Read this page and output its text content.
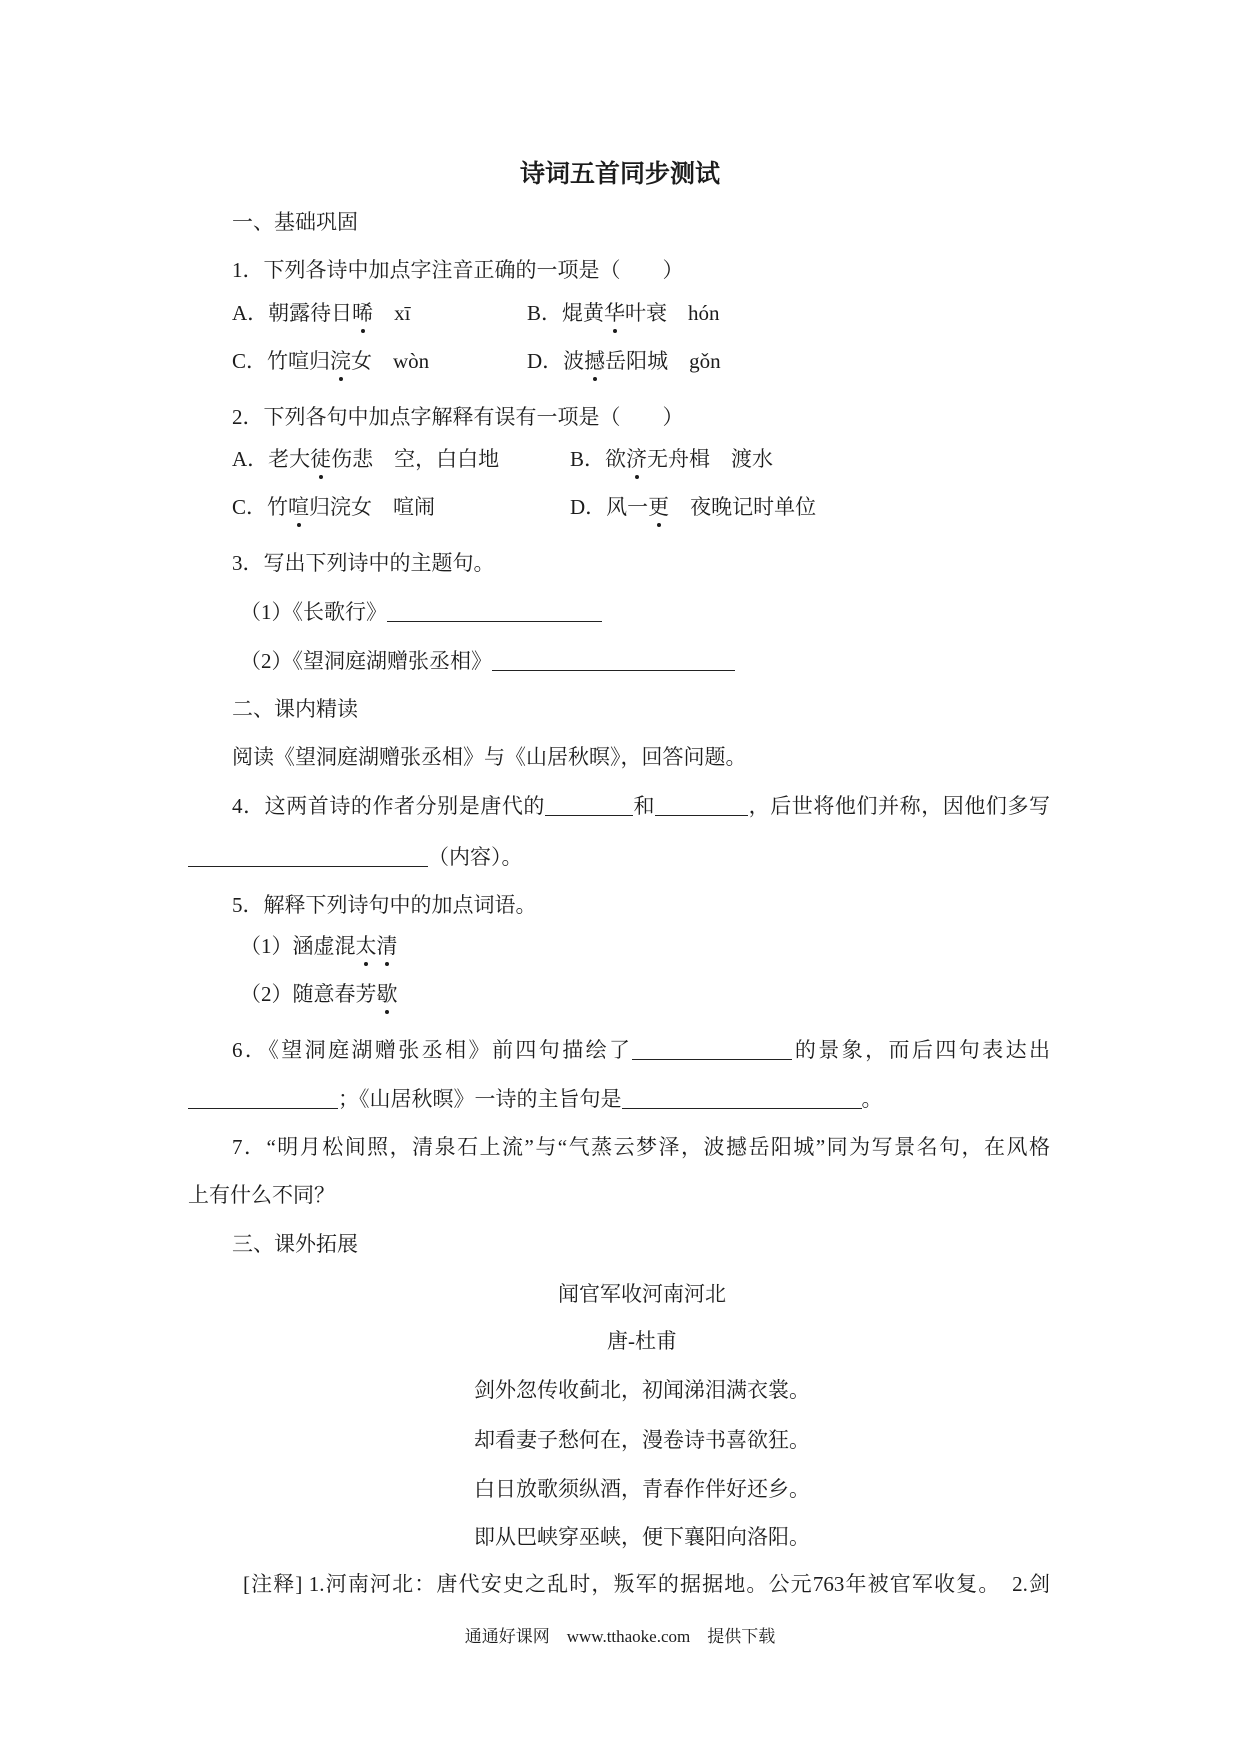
诗词五首同步测试
一、基础巩固
1．下列各诗中加点字注音正确的一项是（　　）
A．朝露待日晞 xī	B．焜黄华叶衰 hón
C．竹喧归浣女 wòn	D．波撼岳阳城 gǒn
2．下列各句中加点字解释有误有一项是（　　）
A．老大徒伤悲 空，白白地	B．欲济无舟楫 渡水
C．竹喧归浣女 喧闹	D．风一更 夜晚记时单位
3．写出下列诗中的主题句。
（1）《长歌行》
（2）《望洞庭湖赠张丞相》
二、课内精读
阅读《望洞庭湖赠张丞相》与《山居秋暝》，回答问题。
4．这两首诗的作者分别是唐代的	和	，后世将他们并称，因他们多写
（内容）。
5．解释下列诗句中的加点词语。
（1）涵虚混太清
（2）随意春芳歇
6．《望洞庭湖赠张丞相》前四句描绘了	的景象，而后四句表达出
；《山居秋暝》一诗的主旨句是	。
7．“明月松间照，清泉石上流”与“气蒸云梦泽，波撼岳阳城”同为写景名句，在风格
上有什么不同？
三、课外拓展
闻官军收河南河北
唐-杜甫
剑外忽传收蓟北，初闻涕泪满衣裳。
却看妻子愁何在，漫卷诗书喜欲狂。
白日放歌须纵酒，青春作伴好还乡。
即从巴峡穿巫峡，便下襄阳向洛阳。
[注释] 1.河南河北：唐代安史之乱时，叛军的据据地。公元763年被官军收复。　2.剑
通通好课网　www.tthaoke.com　提供下载
